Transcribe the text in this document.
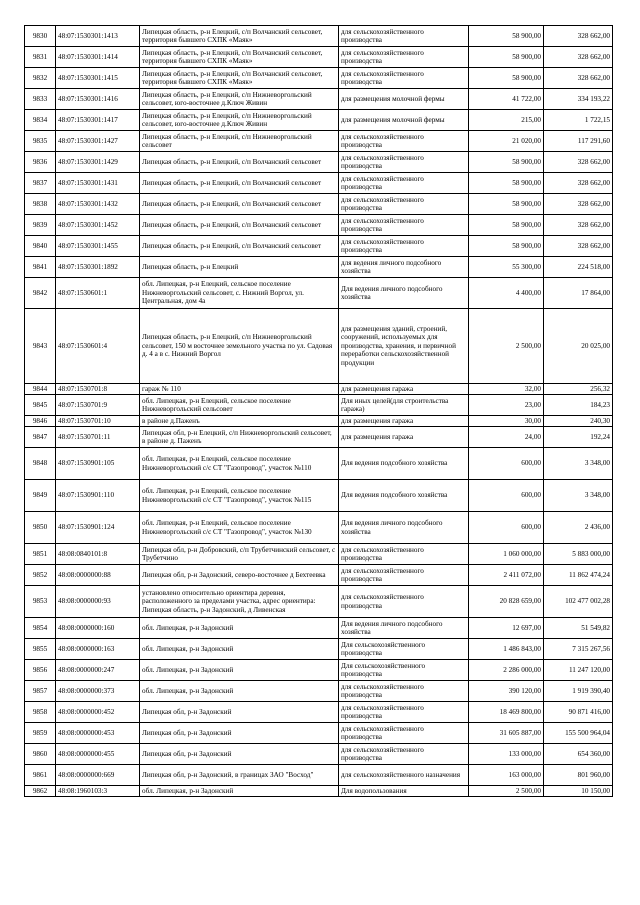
9830	48:07:1530301:1413	Липецкая область, р-н Елецкий, с/п Волчанский сельсовет, территория бывшего СХПК «Маяк»	для сельскохозяйственного производства	58 900,00	328 662,00
9831	48:07:1530301:1414	Липецкая область, р-н Елецкий, с/п Волчанский сельсовет, территория бывшего СХПК «Маяк»	для сельскохозяйственного производства	58 900,00	328 662,00
9832	48:07:1530301:1415	Липецкая область, р-н Елецкий, с/п Волчанский сельсовет, территория бывшего СХПК «Маяк»	для сельскохозяйственного производства	58 900,00	328 662,00
9833	48:07:1530301:1416	Липецкая область, р-н Елецкий, с/п Нижневоргольский сельсовет, юго-восточнее д.Ключ Живин	для размещения молочной фермы	41 722,00	334 193,22
9834	48:07:1530301:1417	Липецкая область, р-н Елецкий, с/п Нижневоргольский сельсовет, юго-восточнее д.Ключ Живин	для размещения молочной фермы	215,00	1 722,15
9835	48:07:1530301:1427	Липецкая область, р-н Елецкий, с/п Нижневоргольский сельсовет	для сельскохозяйственного производства	21 020,00	117 291,60
9836	48:07:1530301:1429	Липецкая область, р-н Елецкий, с/п Волчанский сельсовет	для сельскохозяйственного производства	58 900,00	328 662,00
9837	48:07:1530301:1431	Липецкая область, р-н Елецкий, с/п Волчанский сельсовет	для сельскохозяйственного производства	58 900,00	328 662,00
9838	48:07:1530301:1432	Липецкая область, р-н Елецкий, с/п Волчанский сельсовет	для сельскохозяйственного производства	58 900,00	328 662,00
9839	48:07:1530301:1452	Липецкая область, р-н Елецкий, с/п Волчанский сельсовет	для сельскохозяйственного производства	58 900,00	328 662,00
9840	48:07:1530301:1455	Липецкая область, р-н Елецкий, с/п Волчанский сельсовет	для сельскохозяйственного производства	58 900,00	328 662,00
9841	48:07:1530301:1892	Липецкая область, р-н Елецкий	для ведения личного подсобного хозяйства	55 300,00	224 518,00
9842	48:07:1530601:1	обл. Липецкая, р-н Елецкий, сельское поселение Нижневоргольский сельсовет, с. Нижний Воргол, ул. Центральная, дом 4а	Для ведения личного подсобного хозяйства	4 400,00	17 864,00
9843	48:07:1530601:4	Липецкая область, р-н Елецкий, с/п Нижневоргольский сельсовет, 150 м восточнее земельного участка по ул. Садовая д. 4 а в с. Нижний Воргол	для размещения зданий, строений, сооружений, используемых для производства, хранения, и первичной переработки сельскохозяйственной продукции	2 500,00	20 025,00
9844	48:07:1530701:8	гараж № 110	для размещения гаража	32,00	256,32
9845	48:07:1530701:9	обл. Липецкая, р-н Елецкий, сельское поселение Нижневоргольский сельсовет	Для иных целей(для строительства гаража)	23,00	184,23
9846	48:07:1530701:10	в районе д.Паженъ	для размещения гаража	30,00	240,30
9847	48:07:1530701:11	Липецкая обл, р-н Елецкий, с/п Нижневоргольский сельсовет, в районе д. Паженъ	для размещения гаража	24,00	192,24
9848	48:07:1530901:105	обл. Липецкая, р-н Елецкий, сельское поселение Нижневоргольский с/с СТ "Газопровод", участок №110	Для ведения подсобного хозяйства	600,00	3 348,00
9849	48:07:1530901:110	обл. Липецкая, р-н Елецкий, сельское поселение Нижневоргольский с/с СТ "Газопровод", участок №115	Для ведения подсобного хозяйства	600,00	3 348,00
9850	48:07:1530901:124	обл. Липецкая, р-н Елецкий, сельское поселение Нижневоргольский с/с СТ "Газопровод", участок №130	Для ведения личного подсобного хозяйства	600,00	2 436,00
9851	48:08:0840101:8	Липецкая обл, р-н Добровский, с/п Трубетчинский сельсовет, с Трубетчино	для сельскохозяйственного производства	1 060 000,00	5 883 000,00
9852	48:08:0000000:88	Липецкая обл, р-н Задонский, северо-восточнее д Бехтеевка	для сельскохозяйственного производства	2 411 072,00	11 862 474,24
9853	48:08:0000000:93	установлено относительно ориентира деревня, расположенного за пределами участка, адрес ориентира: Липецкая область, р-н Задонский, д Ливенская	для сельскохозяйственного производства	20 828 659,00	102 477 002,28
9854	48:08:0000000:160	обл. Липецкая, р-н Задонский	Для ведения личного подсобного хозяйства	12 697,00	51 549,82
9855	48:08:0000000:163	обл. Липецкая, р-н Задонский	Для сельскохозяйственного производства	1 486 843,00	7 315 267,56
9856	48:08:0000000:247	обл. Липецкая, р-н Задонский	Для сельскохозяйственного производства	2 286 000,00	11 247 120,00
9857	48:08:0000000:373	обл. Липецкая, р-н Задонский	для сельскохозяйственного производства	390 120,00	1 919 390,40
9858	48:08:0000000:452	Липецкая обл, р-н Задонский	для сельскохозяйственного производства	18 469 800,00	90 871 416,00
9859	48:08:0000000:453	Липецкая обл, р-н Задонский	для сельскохозяйственного производства	31 605 887,00	155 500 964,04
9860	48:08:0000000:455	Липецкая обл, р-н Задонский	для сельскохозяйственного производства	133 000,00	654 360,00
9861	48:08:0000000:669	Липецкая обл, р-н Задонский, в границах ЗАО "Восход"	для сельскохозяйственного назначения	163 000,00	801 960,00
9862	48:08:1960103:3	обл. Липецкая, р-н Задонский	Для водопользования	2 500,00	10 150,00
